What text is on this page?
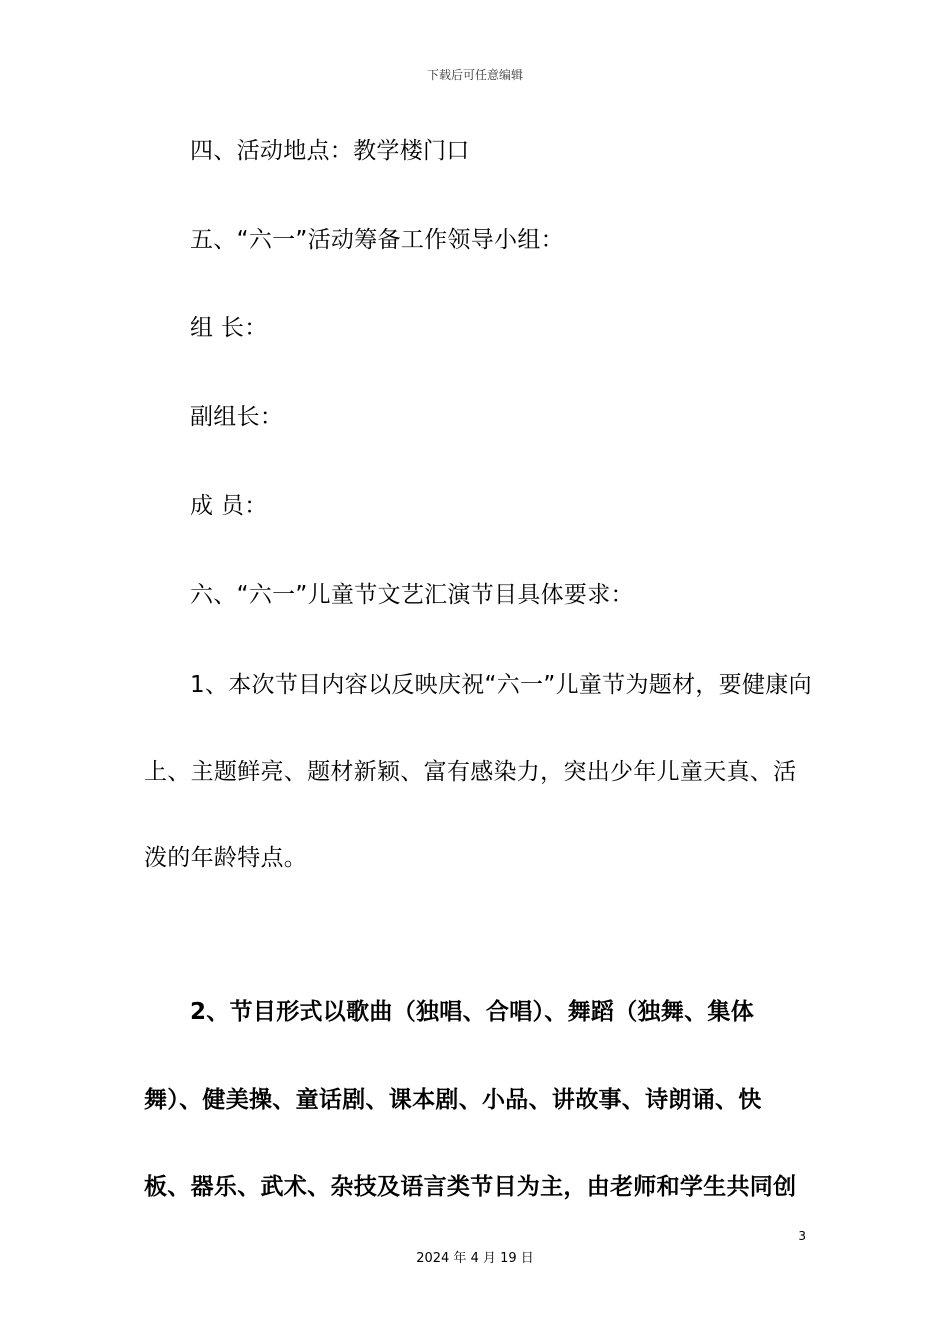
下载后可任意编辑
四、活动地点：教学楼门口
五、“六一”活动筹备工作领导小组：
组 长：
副组长：
成 员：
六、“六一”儿童节文艺汇演节目具体要求：
1、本次节目内容以反映庆祝“六一”儿童节为题材，要健康向
上、主题鲜亮、题材新颖、富有感染力，突出少年儿童天真、活
泼的年龄特点。
2、节目形式以歌曲（独唱、合唱）、舞蹈（独舞、集体
舞）、健美操、童话剧、课本剧、小品、讲故事、诗朗诵、快
板、器乐、武术、杂技及语言类节目为主，由老师和学生共同创
3
2024 年 4 月 19 日
